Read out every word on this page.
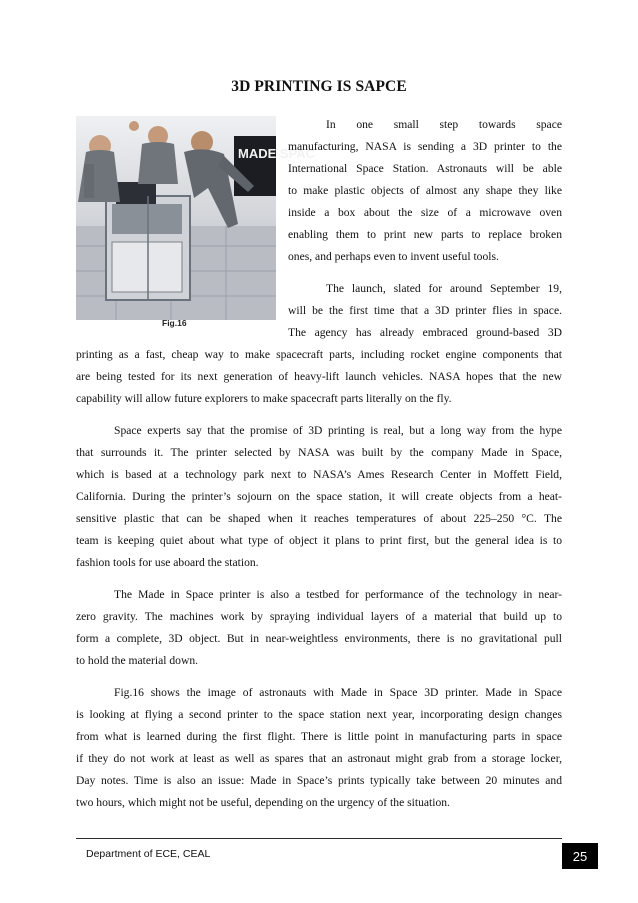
3D PRINTING IS SAPCE
MADE SPAC
Fig.16
In one small step towards space
manufacturing, NASA is sending a 3D printer to the
International Space Station. Astronauts will be able
to make plastic objects of almost any shape they like
inside a box about the size of a microwave oven
enabling them to print new parts to replace broken
ones, and perhaps even to invent useful tools.
The launch, slated for around September 19,
will be the first time that a 3D printer flies in space.
The agency has already embraced ground-based 3D
printing as a fast, cheap way to make spacecraft parts, including rocket engine components that
are being tested for its next generation of heavy-lift launch vehicles. NASA hopes that the new
capability will allow future explorers to make spacecraft parts literally on the fly.
Space experts say that the promise of 3D printing is real, but a long way from the hype
that surrounds it. The printer selected by NASA was built by the company Made in Space,
which is based at a technology park next to NASA’s Ames Research Center in Moffett Field,
California. During the printer’s sojourn on the space station, it will create objects from a heat-
sensitive plastic that can be shaped when it reaches temperatures of about 225–250 °C. The
team is keeping quiet about what type of object it plans to print first, but the general idea is to
fashion tools for use aboard the station.
The Made in Space printer is also a testbed for performance of the technology in near-
zero gravity. The machines work by spraying individual layers of a material that build up to
form a complete, 3D object. But in near-weightless environments, there is no gravitational pull
to hold the material down.
Fig.16 shows the image of astronauts with Made in Space 3D printer. Made in Space
is looking at flying a second printer to the space station next year, incorporating design changes
from what is learned during the first flight. There is little point in manufacturing parts in space
if they do not work at least as well as spares that an astronaut might grab from a storage locker,
Day notes. Time is also an issue: Made in Space’s prints typically take between 20 minutes and
two hours, which might not be useful, depending on the urgency of the situation.
Department of ECE, CEAL	25
